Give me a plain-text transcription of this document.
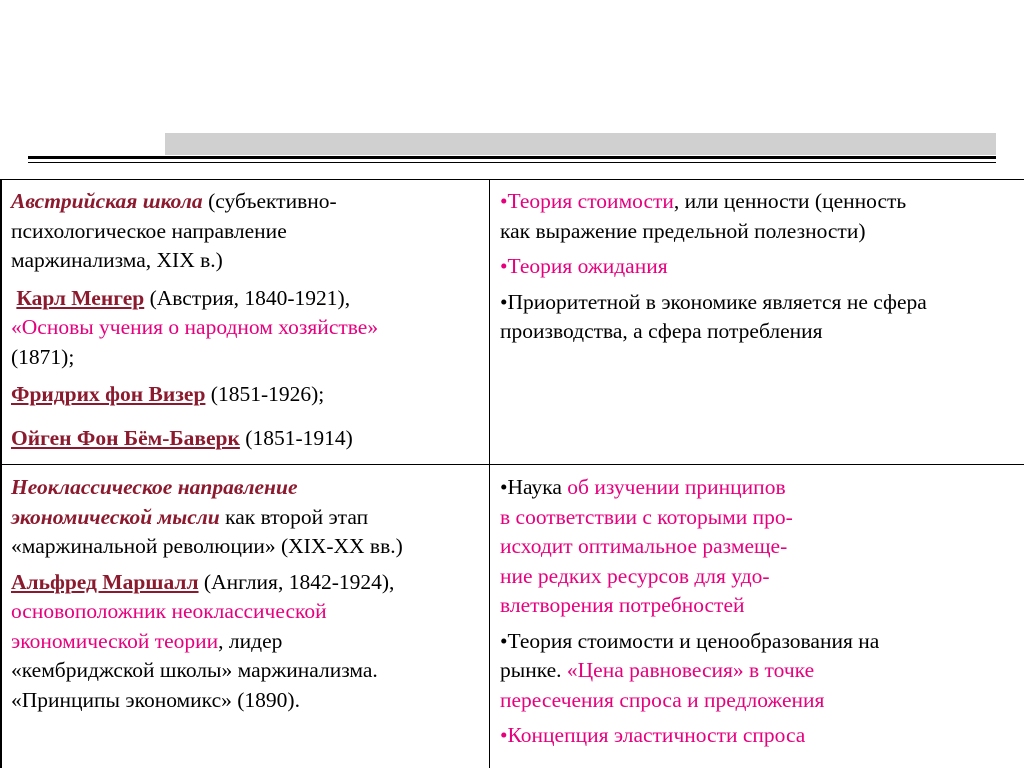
Австрийская школа (субъективно-

психологическое направление

маржинализма, XIX в.)

Карл Менгер (Австрия, 1840-1921),

«Основы учения о народном хозяйстве»

(1871);

Фридрих фон Визер (1851-1926);

Ойген Фон Бём-Баверк (1851-1914)

•Теория стоимости, или ценности (ценность

как выражение предельной полезности)

•Теория ожидания

•Приоритетной в экономике является не сфера

производства, а сфера потребления

Неоклассическое направление

экономической мысли как второй этап

«маржинальной революции» (XIX-XX вв.)

Альфред Маршалл (Англия, 1842-1924),

основоположник неоклассической

экономической теории, лидер

«кембриджской школы» маржинализма.

«Принципы экономикс» (1890).

•Наука об изучении принципов

в соответствии с которыми про-

исходит оптимальное размеще-

ние редких ресурсов для удо-

влетворения потребностей

•Теория стоимости и ценообразования на

рынке. «Цена равновесия» в точке

пересечения спроса и предложения

•Концепция эластичности спроса
